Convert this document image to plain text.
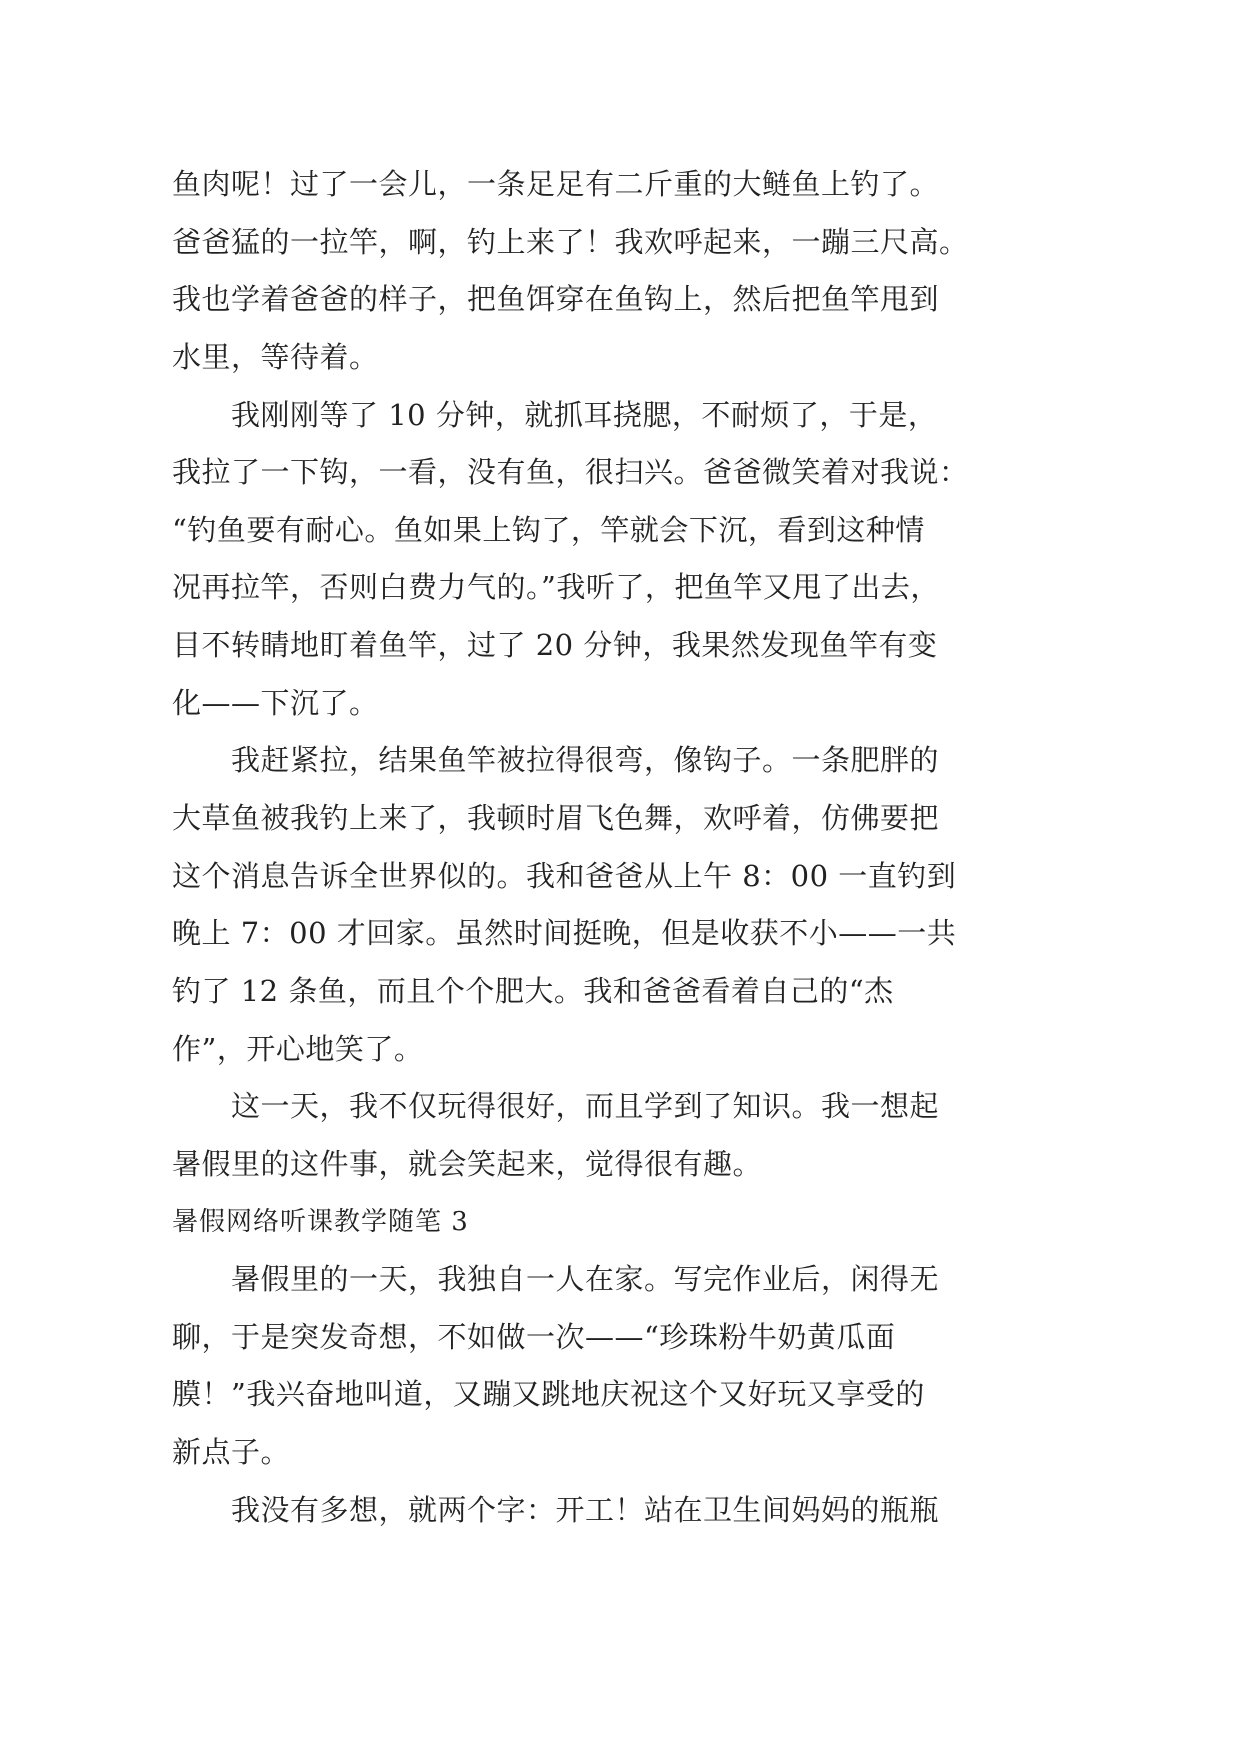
鱼肉呢！过了一会儿，一条足足有二斤重的大鲢鱼上钓了。
爸爸猛的一拉竿，啊，钓上来了！我欢呼起来，一蹦三尺高。
我也学着爸爸的样子，把鱼饵穿在鱼钩上，然后把鱼竿甩到
水里，等待着。
我刚刚等了 10 分钟，就抓耳挠腮，不耐烦了，于是，
我拉了一下钩，一看，没有鱼，很扫兴。爸爸微笑着对我说：
“钓鱼要有耐心。鱼如果上钩了，竿就会下沉，看到这种情
况再拉竿，否则白费力气的。”我听了，把鱼竿又甩了出去，
目不转睛地盯着鱼竿，过了 20 分钟，我果然发现鱼竿有变
化——下沉了。
我赶紧拉，结果鱼竿被拉得很弯，像钩子。一条肥胖的
大草鱼被我钓上来了，我顿时眉飞色舞，欢呼着，仿佛要把
这个消息告诉全世界似的。我和爸爸从上午 8：00 一直钓到
晚上 7：00 才回家。虽然时间挺晚，但是收获不小——一共
钓了 12 条鱼，而且个个肥大。我和爸爸看着自己的“杰
作”，开心地笑了。
这一天，我不仅玩得很好，而且学到了知识。我一想起
暑假里的这件事，就会笑起来，觉得很有趣。
暑假网络听课教学随笔 3
暑假里的一天，我独自一人在家。写完作业后，闲得无
聊，于是突发奇想，不如做一次——“珍珠粉牛奶黄瓜面
膜！”我兴奋地叫道，又蹦又跳地庆祝这个又好玩又享受的
新点子。
我没有多想，就两个字：开工！站在卫生间妈妈的瓶瓶
